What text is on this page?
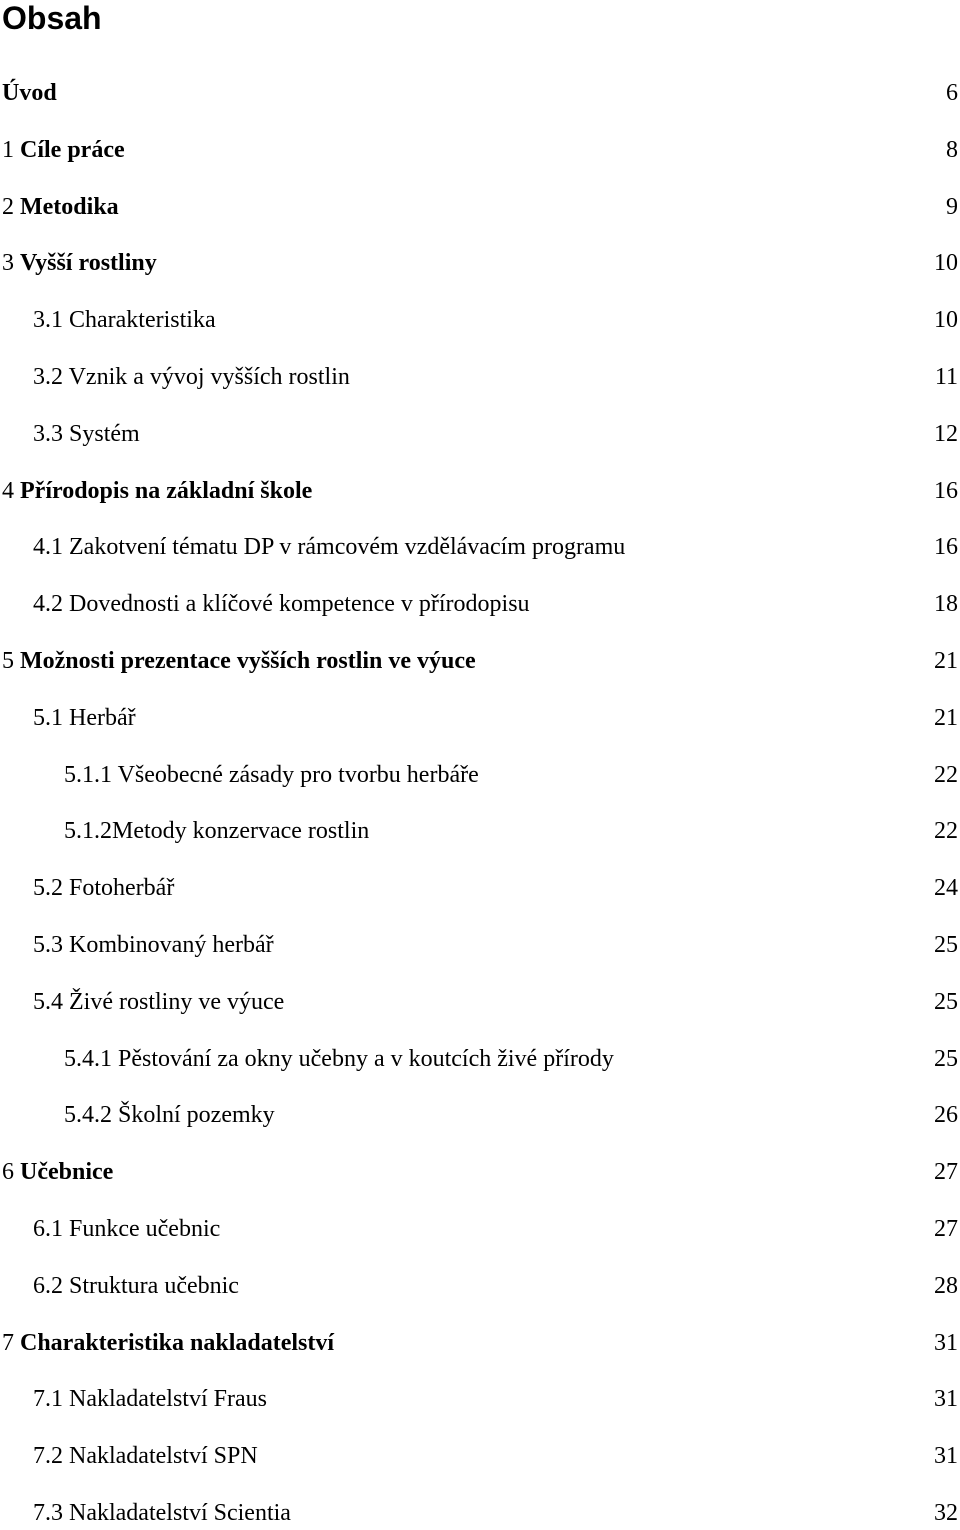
Obsah
Úvod	6
1 Cíle práce	8
2 Metodika	9
3 Vyšší rostliny	10
3.1 Charakteristika	10
3.2 Vznik a vývoj vyšších rostlin	11
3.3 Systém	12
4 Přírodopis na základní škole	16
4.1 Zakotvení tématu DP v rámcovém vzdělávacím programu	16
4.2 Dovednosti a klíčové kompetence v přírodopisu	18
5 Možnosti prezentace vyšších rostlin ve výuce	21
5.1 Herbář	21
5.1.1 Všeobecné zásady pro tvorbu herbáře	22
5.1.2Metody konzervace rostlin	22
5.2 Fotoherbář	24
5.3 Kombinovaný herbář	25
5.4 Živé rostliny ve výuce	25
5.4.1 Pěstování za okny učebny a v koutcích živé přírody	25
5.4.2 Školní pozemky	26
6 Učebnice	27
6.1 Funkce učebnic	27
6.2 Struktura učebnic	28
7 Charakteristika nakladatelství	31
7.1 Nakladatelství Fraus	31
7.2 Nakladatelství SPN	31
7.3 Nakladatelství Scientia	32
